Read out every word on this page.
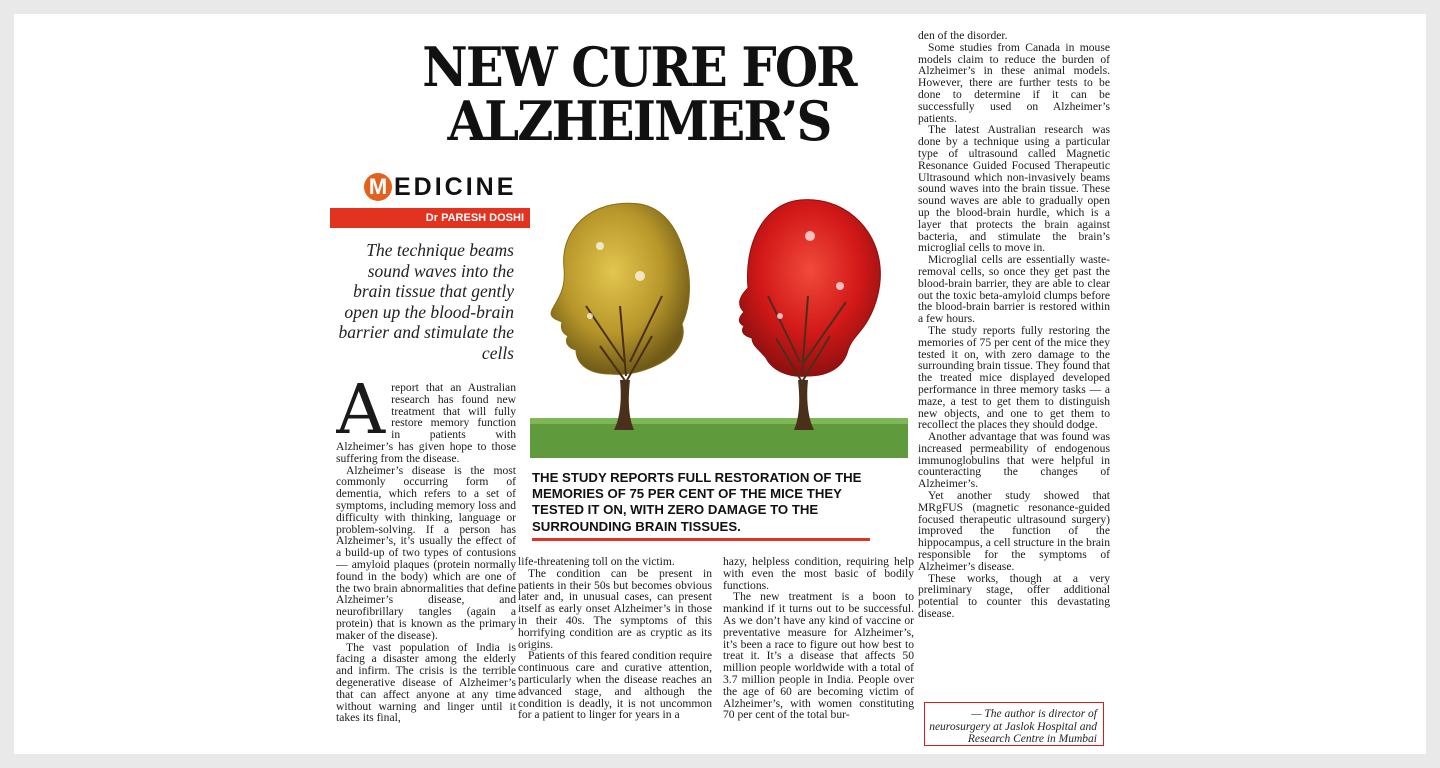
NEW CURE FOR
ALZHEIMER’S
M EDICINE
Dr PARESH DOSHI
The technique beams sound waves into the brain tissue that gently open up the blood-brain barrier and stimulate the cells

Areport that an Australian research has found new treatment that will fully restore memory function in patients with Alzheimer’s has given hope to those suffering from the disease.

Alzheimer’s disease is the most commonly occurring form of dementia, which refers to a set of symptoms, including memory loss and difficulty with thinking, language or problem-solving. If a person has Alzheimer’s, it’s usually the effect of a build-up of two types of contusions — amyloid plaques (protein normally found in the body) which are one of the two brain abnormalities that define Alzheimer’s disease, and neurofibrillary tangles (again a protein) that is known as the primary maker of the disease).

The vast population of India is facing a disaster among the elderly and infirm. The crisis is the terrible degenerative disease of Alzheimer’s that can affect anyone at any time without warning and linger until it takes its final,

THE STUDY REPORTS FULL RESTORATION OF THE MEMORIES OF 75 PER CENT OF THE MICE THEY TESTED IT ON, WITH ZERO DAMAGE TO THE SURROUNDING BRAIN TISSUES.

life-threatening toll on the victim.

The condition can be present in patients in their 50s but becomes obvious later and, in unusual cases, can present itself as early onset Alzheimer’s in those in their 40s. The symptoms of this horrifying condition are as cryptic as its origins.

Patients of this feared condition require continuous care and curative attention, particularly when the disease reaches an advanced stage, and although the condition is deadly, it is not uncommon for a patient to linger for years in a

hazy, helpless condition, requiring help with even the most basic of bodily functions.

The new treatment is a boon to mankind if it turns out to be successful. As we don’t have any kind of vaccine or preventative measure for Alzheimer’s, it’s been a race to figure out how best to treat it. It’s a disease that affects 50 million people worldwide with a total of 3.7 million people in India. People over the age of 60 are becoming victim of Alzheimer’s, with women constituting 70 per cent of the total bur-

den of the disorder.

Some studies from Canada in mouse models claim to reduce the burden of Alzheimer’s in these animal models. However, there are further tests to be done to determine if it can be successfully used on Alzheimer’s patients.

The latest Australian research was done by a technique using a particular type of ultrasound called Magnetic Resonance Guided Focused Therapeutic Ultrasound which non-invasively beams sound waves into the brain tissue. These sound waves are able to gradually open up the blood-brain hurdle, which is a layer that protects the brain against bacteria, and stimulate the brain’s microglial cells to move in.

Microglial cells are essentially waste-removal cells, so once they get past the blood-brain barrier, they are able to clear out the toxic beta-amyloid clumps before the blood-brain barrier is restored within a few hours.

The study reports fully restoring the memories of 75 per cent of the mice they tested it on, with zero damage to the surrounding brain tissue. They found that the treated mice displayed developed performance in three memory tasks — a maze, a test to get them to distinguish new objects, and one to get them to recollect the places they should dodge.

Another advantage that was found was increased permeability of endogenous immunoglobulins that were helpful in counteracting the changes of Alzheimer’s.

Yet another study showed that MRgFUS (magnetic resonance-guided focused therapeutic ultrasound surgery) improved the function of the hippocampus, a cell structure in the brain responsible for the symptoms of Alzheimer’s disease.

These works, though at a very preliminary stage, offer additional potential to counter this devastating disease.

— The author is director of neurosurgery at Jaslok Hospital and Research Centre in Mumbai
